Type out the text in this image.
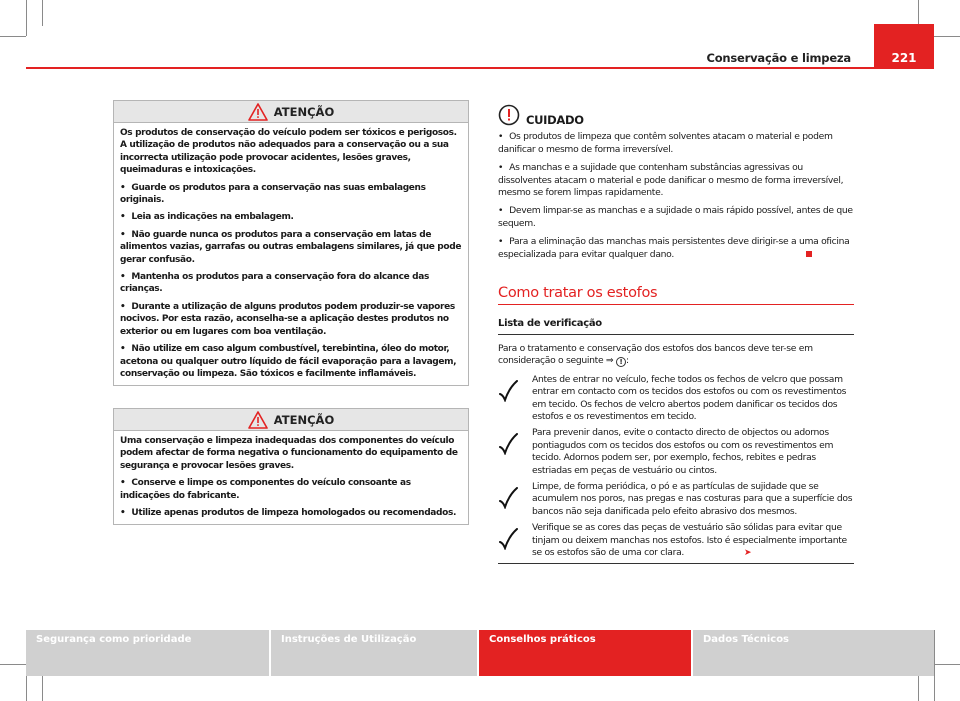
Conservação e limpeza	221
ATENÇÃO

Os produtos de conservação do veículo podem ser tóxicos e perigosos. A utilização de produtos não adequados para a conservação ou a sua incorrecta utilização pode provocar acidentes, lesões graves, queimaduras e intoxicações.

• Guarde os produtos para a conservação nas suas embalagens originais.

• Leia as indicações na embalagem.

• Não guarde nunca os produtos para a conservação em latas de alimentos vazias, garrafas ou outras embalagens similares, já que pode gerar confusão.

• Mantenha os produtos para a conservação fora do alcance das crianças.

• Durante a utilização de alguns produtos podem produzir-se vapores nocivos. Por esta razão, aconselha-se a aplicação destes produtos no exterior ou em lugares com boa ventilação.

• Não utilize em caso algum combustível, terebintina, óleo do motor, acetona ou qualquer outro líquido de fácil evaporação para a lavagem, conservação ou limpeza. São tóxicos e facilmente inflamáveis.

ATENÇÃO

Uma conservação e limpeza inadequadas dos componentes do veículo podem afectar de forma negativa o funcionamento do equipamento de segurança e provocar lesões graves.

• Conserve e limpe os componentes do veículo consoante as indicações do fabricante.

• Utilize apenas produtos de limpeza homologados ou recomendados.

CUIDADO

• Os produtos de limpeza que contêm solventes atacam o material e podem danificar o mesmo de forma irreversível.

• As manchas e a sujidade que contenham substâncias agressivas ou dissolventes atacam o material e pode danificar o mesmo de forma irreversível, mesmo se forem limpas rapidamente.

• Devem limpar-se as manchas e a sujidade o mais rápido possível, antes de que sequem.

• Para a eliminação das manchas mais persistentes deve dirigir-se a uma oficina especializada para evitar qualquer dano.

Como tratar os estofos
Lista de verificação

Para o tratamento e conservação dos estofos dos bancos deve ter-se em consideração o seguinte ⇒ ! :

Antes de entrar no veículo, feche todos os fechos de velcro que possam entrar em contacto com os tecidos dos estofos ou com os revestimentos em tecido. Os fechos de velcro abertos podem danificar os tecidos dos estofos e os revestimentos em tecido.
Para prevenir danos, evite o contacto directo de objectos ou adornos pontiagudos com os tecidos dos estofos ou com os revestimentos em tecido. Adornos podem ser, por exemplo, fechos, rebites e pedras estriadas em peças de vestuário ou cintos.
Limpe, de forma periódica, o pó e as partículas de sujidade que se acumulem nos poros, nas pregas e nas costuras para que a superfície dos bancos não seja danificada pelo efeito abrasivo dos mesmos.
Verifique se as cores das peças de vestuário são sólidas para evitar que tinjam ou deixem manchas nos estofos. Isto é especialmente importante se os estofos são de uma cor clara.	➤
Segurança como prioridade	Instruções de Utilização	Conselhos práticos	Dados Técnicos
